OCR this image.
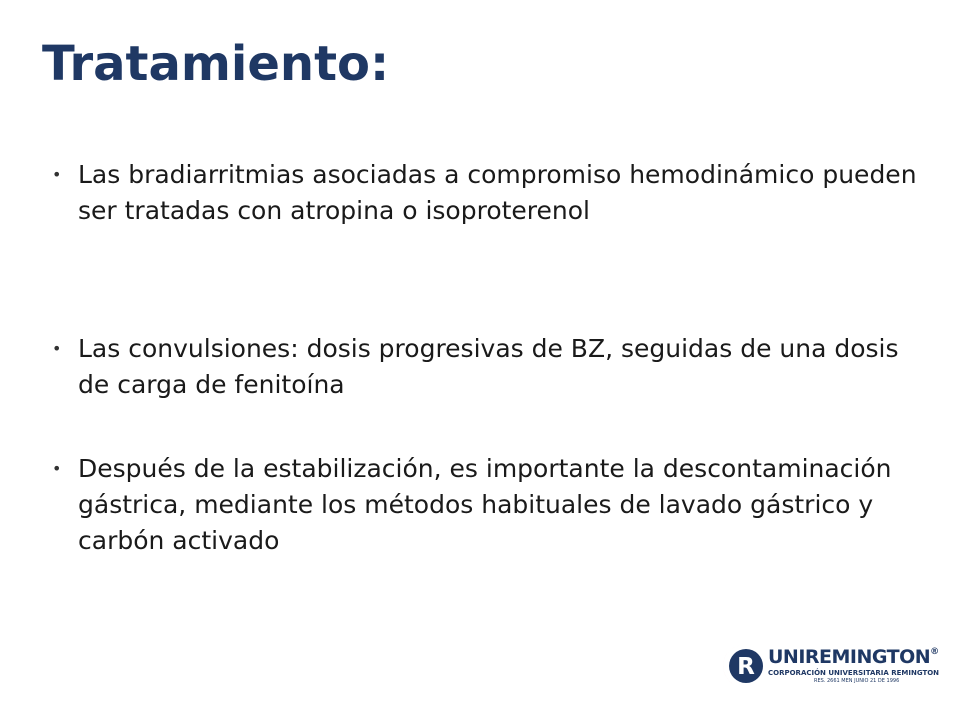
Tratamiento:
• Las bradiarritmias asociadas a compromiso hemodinámico pueden ser tratadas con atropina o isoproterenol
• Las convulsiones: dosis progresivas de BZ, seguidas de una dosis de carga de fenitoína
• Después de la estabilización, es importante la descontaminación gástrica, mediante los métodos habituales de lavado gástrico y carbón activado
R UNIREMINGTON®
CORPORACIÓN UNIVERSITARIA REMINGTON
RES. 2661 MEN JUNIO 21 DE 1996
